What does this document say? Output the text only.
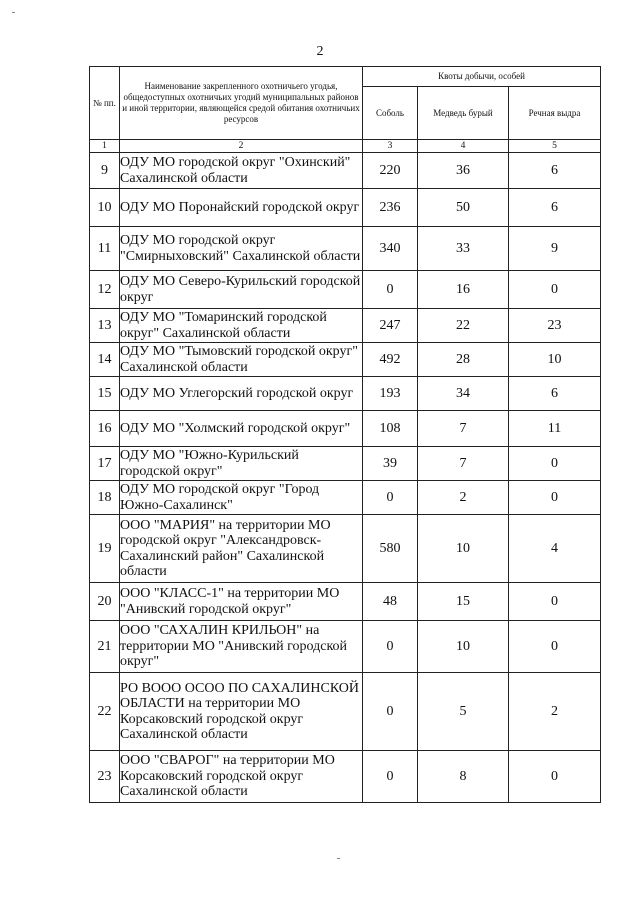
2
№ пп.	Наименование закрепленного охотничьего угодья, общедоступных охотничьих угодий муниципальных районов и иной территории, являющейся средой обитания охотничьих ресурсов	Квоты добычи, особей		
		Соболь	Медведь бурый	Речная выдра
1	2	3	4	5
9	ОДУ МО городской округ "Охинский" Сахалинской области	220	36	6
10	ОДУ МО Поронайский городской округ	236	50	6
11	ОДУ МО городской округ "Смирныховский" Сахалинской области	340	33	9
12	ОДУ МО Северо-Курильский городской округ	0	16	0
13	ОДУ МО "Томаринский городской округ" Сахалинской области	247	22	23
14	ОДУ МО "Тымовский городской округ" Сахалинской области	492	28	10
15	ОДУ МО Углегорский городской округ	193	34	6
16	ОДУ МО "Холмский городской округ"	108	7	11
17	ОДУ МО "Южно-Курильский городской округ"	39	7	0
18	ОДУ МО городской округ "Город Южно-Сахалинск"	0	2	0
19	ООО "МАРИЯ" на территории МО городской округ "Александровск-Сахалинский район" Сахалинской области	580	10	4
20	ООО "КЛАСС-1" на территории МО "Анивский городской округ"	48	15	0
21	ООО "САХАЛИН КРИЛЬОН" на территории МО "Анивский городской округ"	0	10	0
22	РО ВООО ОСОО ПО САХАЛИНСКОЙ ОБЛАСТИ на территории МО Корсаковский городской округ Сахалинской области	0	5	2
23	ООО "СВАРОГ" на территории МО Корсаковский городской округ Сахалинской области	0	8	0
